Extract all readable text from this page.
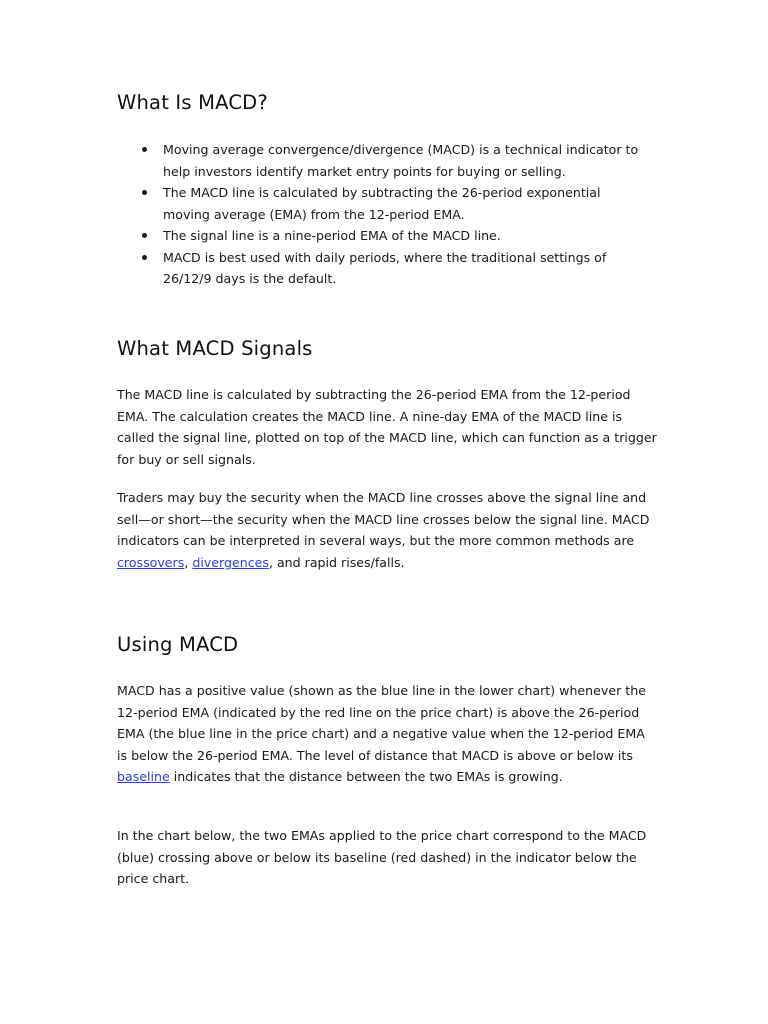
What Is MACD?
Moving average convergence/divergence (MACD) is a technical indicator to help investors identify market entry points for buying or selling.
The MACD line is calculated by subtracting the 26-period exponential moving average (EMA) from the 12-period EMA.
The signal line is a nine-period EMA of the MACD line.
MACD is best used with daily periods, where the traditional settings of 26/12/9 days is the default.
What MACD Signals

The MACD line is calculated by subtracting the 26-period EMA from the 12-period EMA. The calculation creates the MACD line. A nine-day EMA of the MACD line is called the signal line, plotted on top of the MACD line, which can function as a trigger for buy or sell signals.

Traders may buy the security when the MACD line crosses above the signal line and sell—or short—the security when the MACD line crosses below the signal line. MACD indicators can be interpreted in several ways, but the more common methods are crossovers, divergences, and rapid rises/falls.

Using MACD

MACD has a positive value (shown as the blue line in the lower chart) whenever the 12-period EMA (indicated by the red line on the price chart) is above the 26-period EMA (the blue line in the price chart) and a negative value when the 12-period EMA is below the 26-period EMA. The level of distance that MACD is above or below its baseline indicates that the distance between the two EMAs is growing.

In the chart below, the two EMAs applied to the price chart correspond to the MACD (blue) crossing above or below its baseline (red dashed) in the indicator below the price chart.
